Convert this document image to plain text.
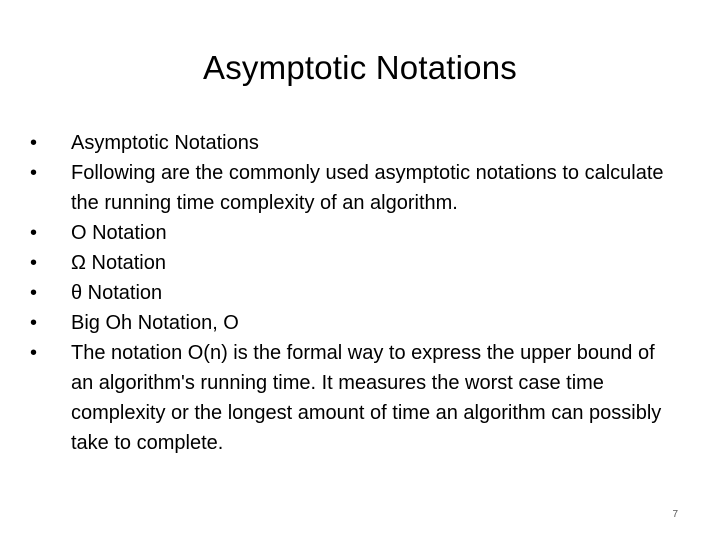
Asymptotic Notations
•	Asymptotic Notations
•	Following are the commonly used asymptotic notations to calculate the running time complexity of an algorithm.
•	Ο Notation
•	Ω Notation
•	θ Notation
•	Big Oh Notation, Ο
•	The notation Ο(n) is the formal way to express the upper bound of an algorithm's running time. It measures the worst case time complexity or the longest amount of time an algorithm can possibly take to complete.
7
